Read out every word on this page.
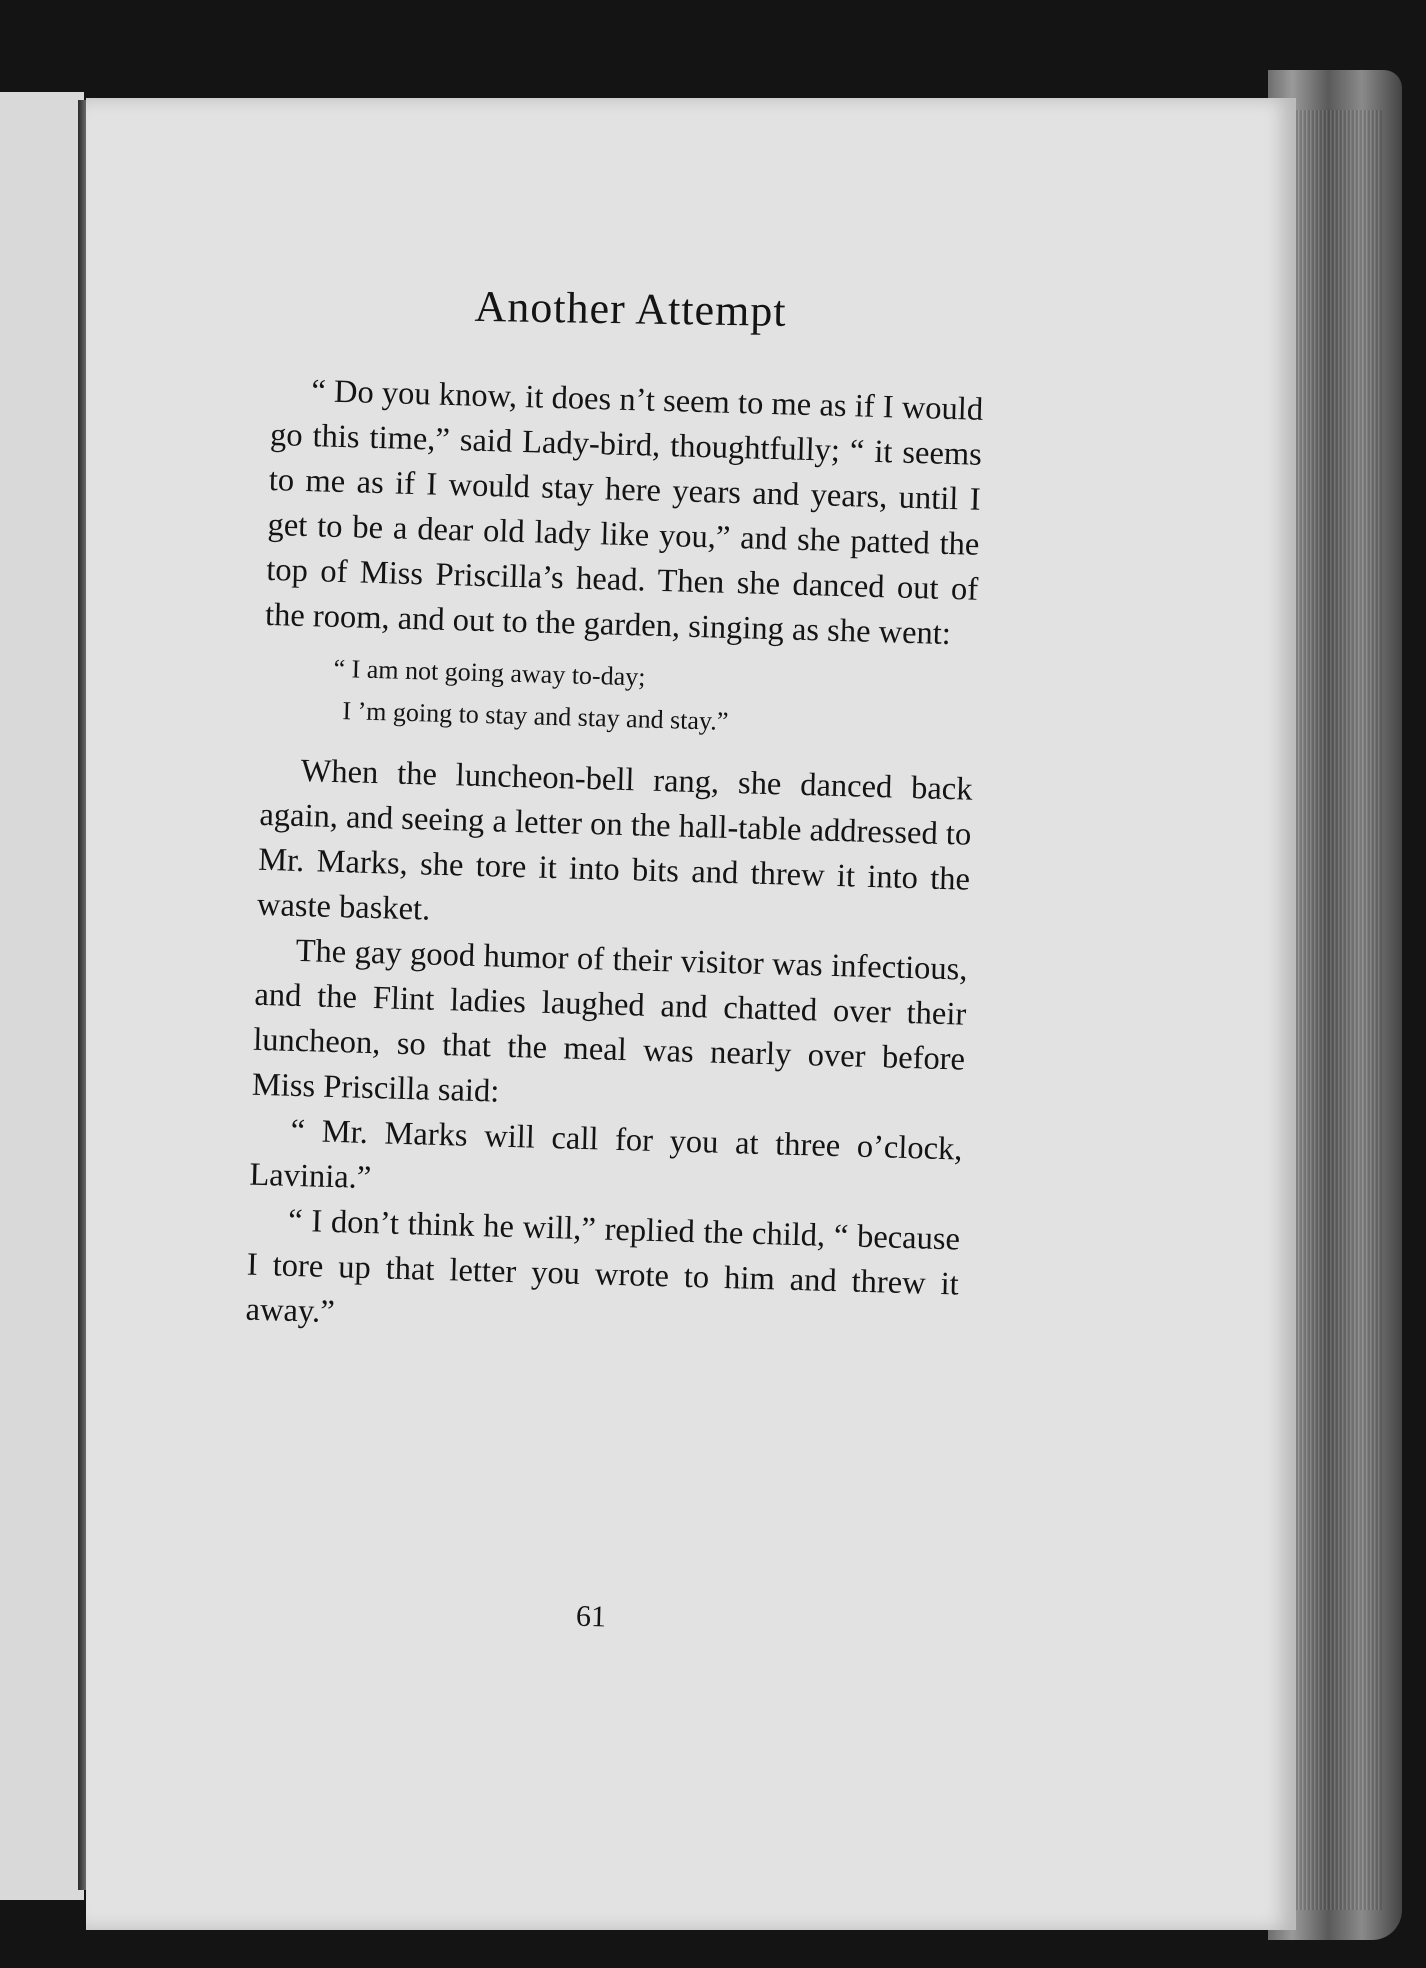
Another Attempt

“ Do you know, it does n’t seem to me as if I would go this time,” said Lady-bird, thoughtfully; “ it seems to me as if I would stay here years and years, until I get to be a dear old lady like you,” and she patted the top of Miss Priscilla’s head. Then she danced out of the room, and out to the garden, singing as she went:

“ I am not going away to-day;
I ’m going to stay and stay and stay.”

When the luncheon-bell rang, she danced back again, and seeing a letter on the hall-table addressed to Mr. Marks, she tore it into bits and threw it into the waste basket.

The gay good humor of their visitor was infectious, and the Flint ladies laughed and chatted over their luncheon, so that the meal was nearly over before Miss Priscilla said:

“ Mr. Marks will call for you at three o’clock, Lavinia.”

“ I don’t think he will,” replied the child, “ because I tore up that letter you wrote to him and threw it away.”

61
